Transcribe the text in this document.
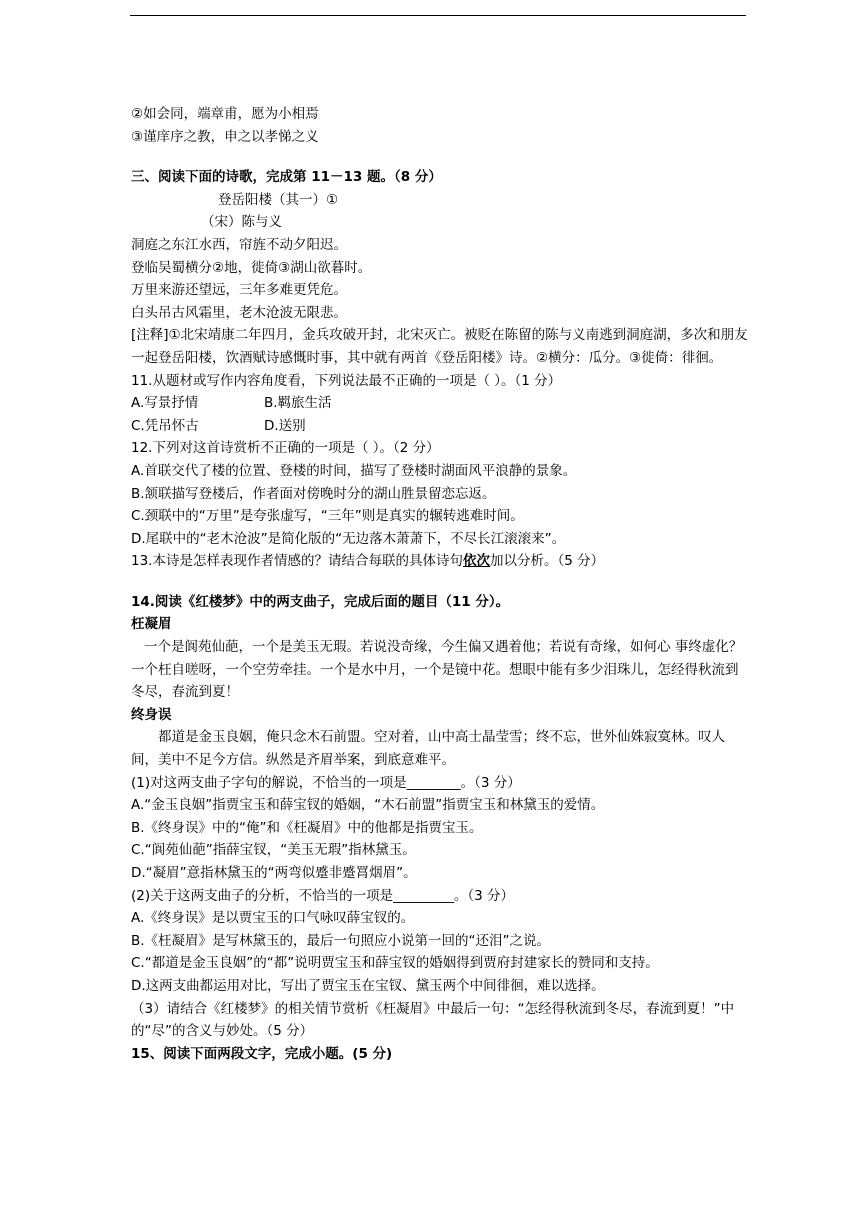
②如会同，端章甫，愿为小相焉
③谨庠序之教，申之以孝悌之义
三、阅读下面的诗歌，完成第 11－13 题。（8 分）
登岳阳楼（其一）①
（宋）陈与义
洞庭之东江水西，帘旌不动夕阳迟。
登临吴蜀横分②地，徙倚③湖山欲暮时。
万里来游还望远，三年多难更凭危。
白头吊古风霜里，老木沧波无限悲。
[注释]①北宋靖康二年四月，金兵攻破开封，北宋灭亡。被贬在陈留的陈与义南逃到洞庭湖，多次和朋友一起登岳阳楼，饮酒赋诗感慨时事，其中就有两首《登岳阳楼》诗。②横分：瓜分。③徙倚：徘徊。
11.从题材或写作内容角度看，下列说法最不正确的一项是（ ）。（1 分）
A.写景抒情	B.羁旅生活
C.凭吊怀古	D.送别
12.下列对这首诗赏析不正确的一项是（ ）。（2 分）
A.首联交代了楼的位置、登楼的时间，描写了登楼时湖面风平浪静的景象。
B.颔联描写登楼后，作者面对傍晚时分的湖山胜景留恋忘返。
C.颈联中的“万里”是夸张虚写，“三年”则是真实的辗转逃难时间。
D.尾联中的“老木沧波”是简化版的“无边落木萧萧下，不尽长江滚滚来”。
13.本诗是怎样表现作者情感的？请结合每联的具体诗句依次加以分析。（5 分）
14.阅读《红楼梦》中的两支曲子，完成后面的题目（11 分）。
枉凝眉
一个是阆苑仙葩，一个是美玉无瑕。若说没奇缘，今生偏又遇着他；若说有奇缘，如何心 事终虚化？一个枉自嗟呀，一个空劳牵挂。一个是水中月，一个是镜中花。想眼中能有多少泪珠儿，怎经得秋流到冬尽，春流到夏！
终身误
都道是金玉良姻，俺只念木石前盟。空对着，山中高士晶莹雪；终不忘，世外仙姝寂寞林。叹人间，美中不足今方信。纵然是齐眉举案，到底意难平。
(1)对这两支曲子字句的解说，不恰当的一项是________。（3 分）
A.“金玉良姻”指贾宝玉和薛宝钗的婚姻，“木石前盟”指贾宝玉和林黛玉的爱情。
B.《终身误》中的“俺”和《枉凝眉》中的他都是指贾宝玉。
C.“阆苑仙葩”指薛宝钗，“美玉无瑕”指林黛玉。
D.“凝眉”意指林黛玉的“两弯似蹙非蹙罥烟眉”。
(2)关于这两支曲子的分析，不恰当的一项是_________。（3 分）
A.《终身误》是以贾宝玉的口气咏叹薛宝钗的。
B.《枉凝眉》是写林黛玉的，最后一句照应小说第一回的“还泪”之说。
C.“都道是金玉良姻”的“都”说明贾宝玉和薛宝钗的婚姻得到贾府封建家长的赞同和支持。
D.这两支曲都运用对比，写出了贾宝玉在宝钗、黛玉两个中间徘徊，难以选择。
（3）请结合《红楼梦》的相关情节赏析《枉凝眉》中最后一句：“怎经得秋流到冬尽，春流到夏！”中的“尽”的含义与妙处。（5 分）
15、阅读下面两段文字，完成小题。(5 分)
